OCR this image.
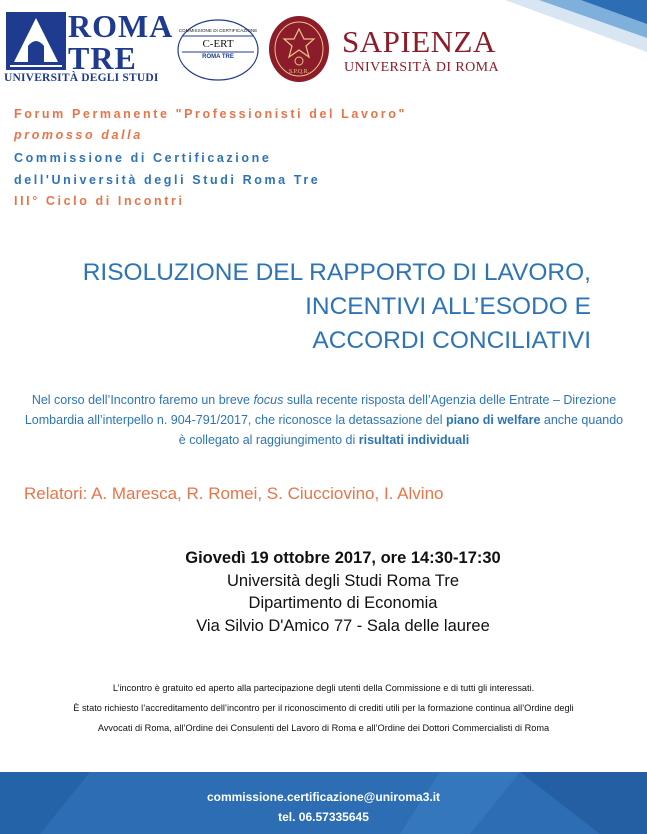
ROMA
TRE
UNIVERSITÀ DEGLI STUDI
COMMISSIONE DI CERTIFICAZIONE
C-ERT
ROMA TRE
S.P.Q.R.
SAPIENZA
UNIVERSITÀ DI ROMA
Forum Permanente "Professionisti del Lavoro"
promosso dalla
Commissione di Certificazione
dell'Università degli Studi Roma Tre
III° Ciclo di Incontri
RISOLUZIONE DEL RAPPORTO DI LAVORO,
INCENTIVI ALL’ESODO E
ACCORDI CONCILIATIVI
Nel corso dell’Incontro faremo un breve focus sulla recente risposta dell’Agenzia delle Entrate – Direzione Lombardia all’interpello n. 904-791/2017, che riconosce la detassazione del piano di welfare anche quando è collegato al raggiungimento di risultati individuali
Relatori: A. Maresca, R. Romei, S. Ciucciovino, I. Alvino
Giovedì 19 ottobre 2017, ore 14:30-17:30
Università degli Studi Roma Tre
Dipartimento di Economia
Via Silvio D'Amico 77 - Sala delle lauree
L’incontro è gratuito ed aperto alla partecipazione degli utenti della Commissione e di tutti gli interessati.
È stato richiesto l’accreditamento dell’incontro per il riconoscimento di crediti utili per la formazione continua all’Ordine degli
Avvocati di Roma, all’Ordine dei Consulenti del Lavoro di Roma e all’Ordine dei Dottori Commercialisti di Roma
commissione.certificazione@uniroma3.it
tel. 06.57335645
